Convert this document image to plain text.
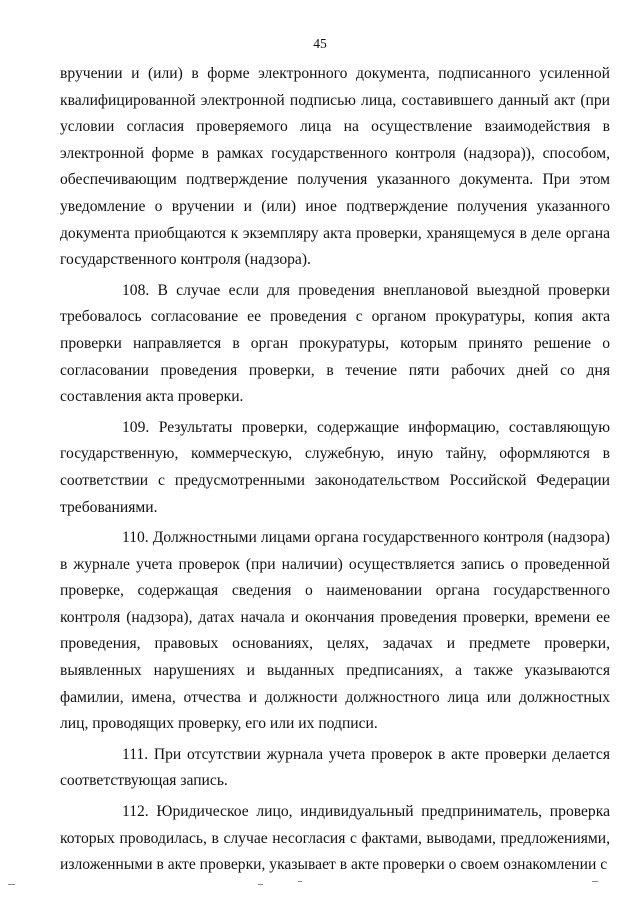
45

вручении и (или) в форме электронного документа, подписанного усиленной квалифицированной электронной подписью лица, составившего данный акт (при условии согласия проверяемого лица на осуществление взаимодействия в электронной форме в рамках государственного контроля (надзора)), способом, обеспечивающим подтверждение получения указанного документа. При этом уведомление о вручении и (или) иное подтверждение получения указанного документа приобщаются к экземпляру акта проверки, хранящемуся в деле органа государственного контроля (надзора).

108. В случае если для проведения внеплановой выездной проверки требовалось согласование ее проведения с органом прокуратуры, копия акта проверки направляется в орган прокуратуры, которым принято решение о согласовании проведения проверки, в течение пяти рабочих дней со дня составления акта проверки.

109. Результаты проверки, содержащие информацию, составляющую государственную, коммерческую, служебную, иную тайну, оформляются в соответствии с предусмотренными законодательством Российской Федерации требованиями.

110. Должностными лицами органа государственного контроля (надзора) в журнале учета проверок (при наличии) осуществляется запись о проведенной проверке, содержащая сведения о наименовании органа государственного контроля (надзора), датах начала и окончания проведения проверки, времени ее проведения, правовых основаниях, целях, задачах и предмете проверки, выявленных нарушениях и выданных предписаниях, а также указываются фамилии, имена, отчества и должности должностного лица или должностных лиц, проводящих проверку, его или их подписи.

111. При отсутствии журнала учета проверок в акте проверки делается соответствующая запись.

112. Юридическое лицо, индивидуальный предприниматель, проверка которых проводилась, в случае несогласия с фактами, выводами, предложениями, изложенными в акте проверки, указывает в акте проверки о своем ознакомлении с
